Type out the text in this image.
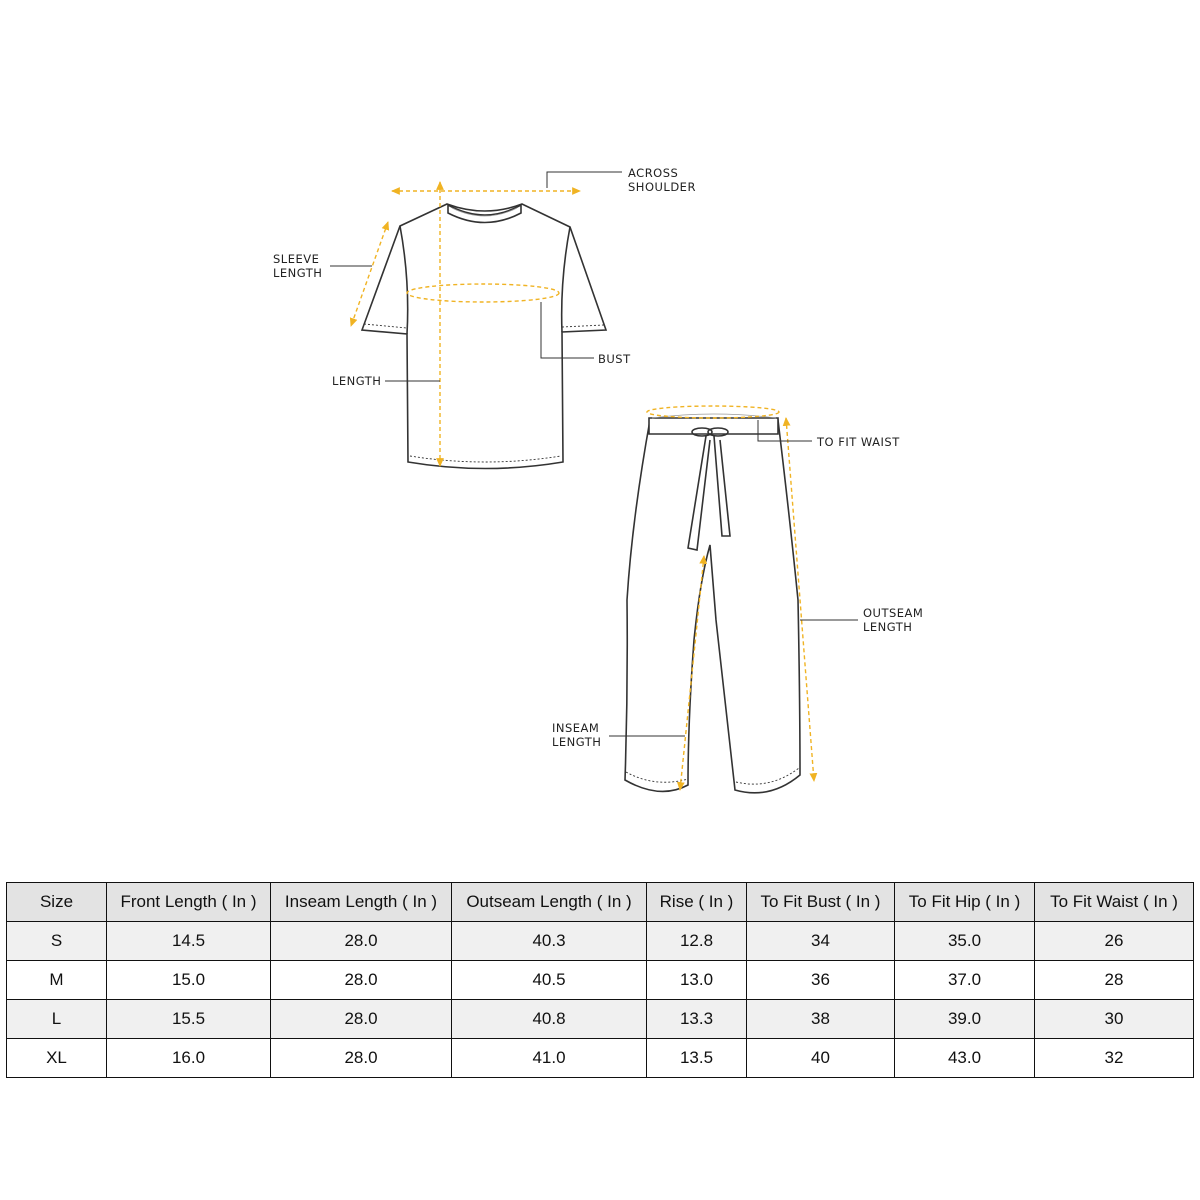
ACROSS
SHOULDER
SLEEVE
LENGTH
BUST
LENGTH
TO FIT WAIST
OUTSEAM
LENGTH
INSEAM
LENGTH
Size	Front Length ( In )	Inseam Length ( In )	Outseam Length ( In )	Rise ( In )	To Fit Bust ( In )	To Fit Hip ( In )	To Fit Waist ( In )
S	14.5	28.0	40.3	12.8	34	35.0	26
M	15.0	28.0	40.5	13.0	36	37.0	28
L	15.5	28.0	40.8	13.3	38	39.0	30
XL	16.0	28.0	41.0	13.5	40	43.0	32
